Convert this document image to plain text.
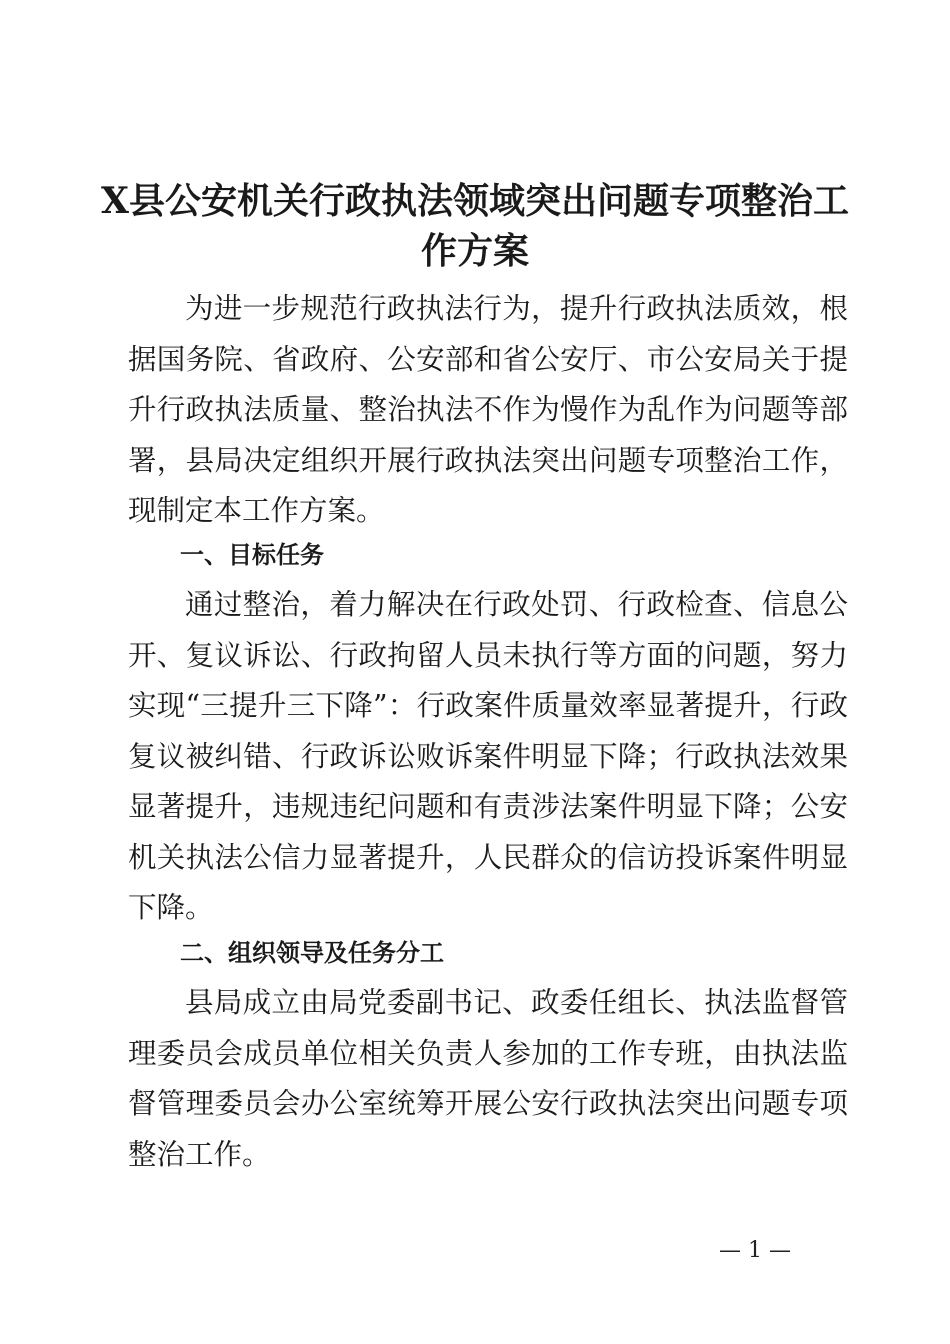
X县公安机关行政执法领域突出问题专项整治工作方案

为进一步规范行政执法行为，提升行政执法质效，根据国务院、省政府、公安部和省公安厅、市公安局关于提升行政执法质量、整治执法不作为慢作为乱作为问题等部署，县局决定组织开展行政执法突出问题专项整治工作，现制定本工作方案。

一、目标任务

通过整治，着力解决在行政处罚、行政检查、信息公开、复议诉讼、行政拘留人员未执行等方面的问题，努力实现“三提升三下降”：行政案件质量效率显著提升，行政复议被纠错、行政诉讼败诉案件明显下降；行政执法效果显著提升，违规违纪问题和有责涉法案件明显下降；公安机关执法公信力显著提升，人民群众的信访投诉案件明显下降。

二、组织领导及任务分工

县局成立由局党委副书记、政委任组长、执法监督管理委员会成员单位相关负责人参加的工作专班，由执法监督管理委员会办公室统筹开展公安行政执法突出问题专项整治工作。

— 1 —
